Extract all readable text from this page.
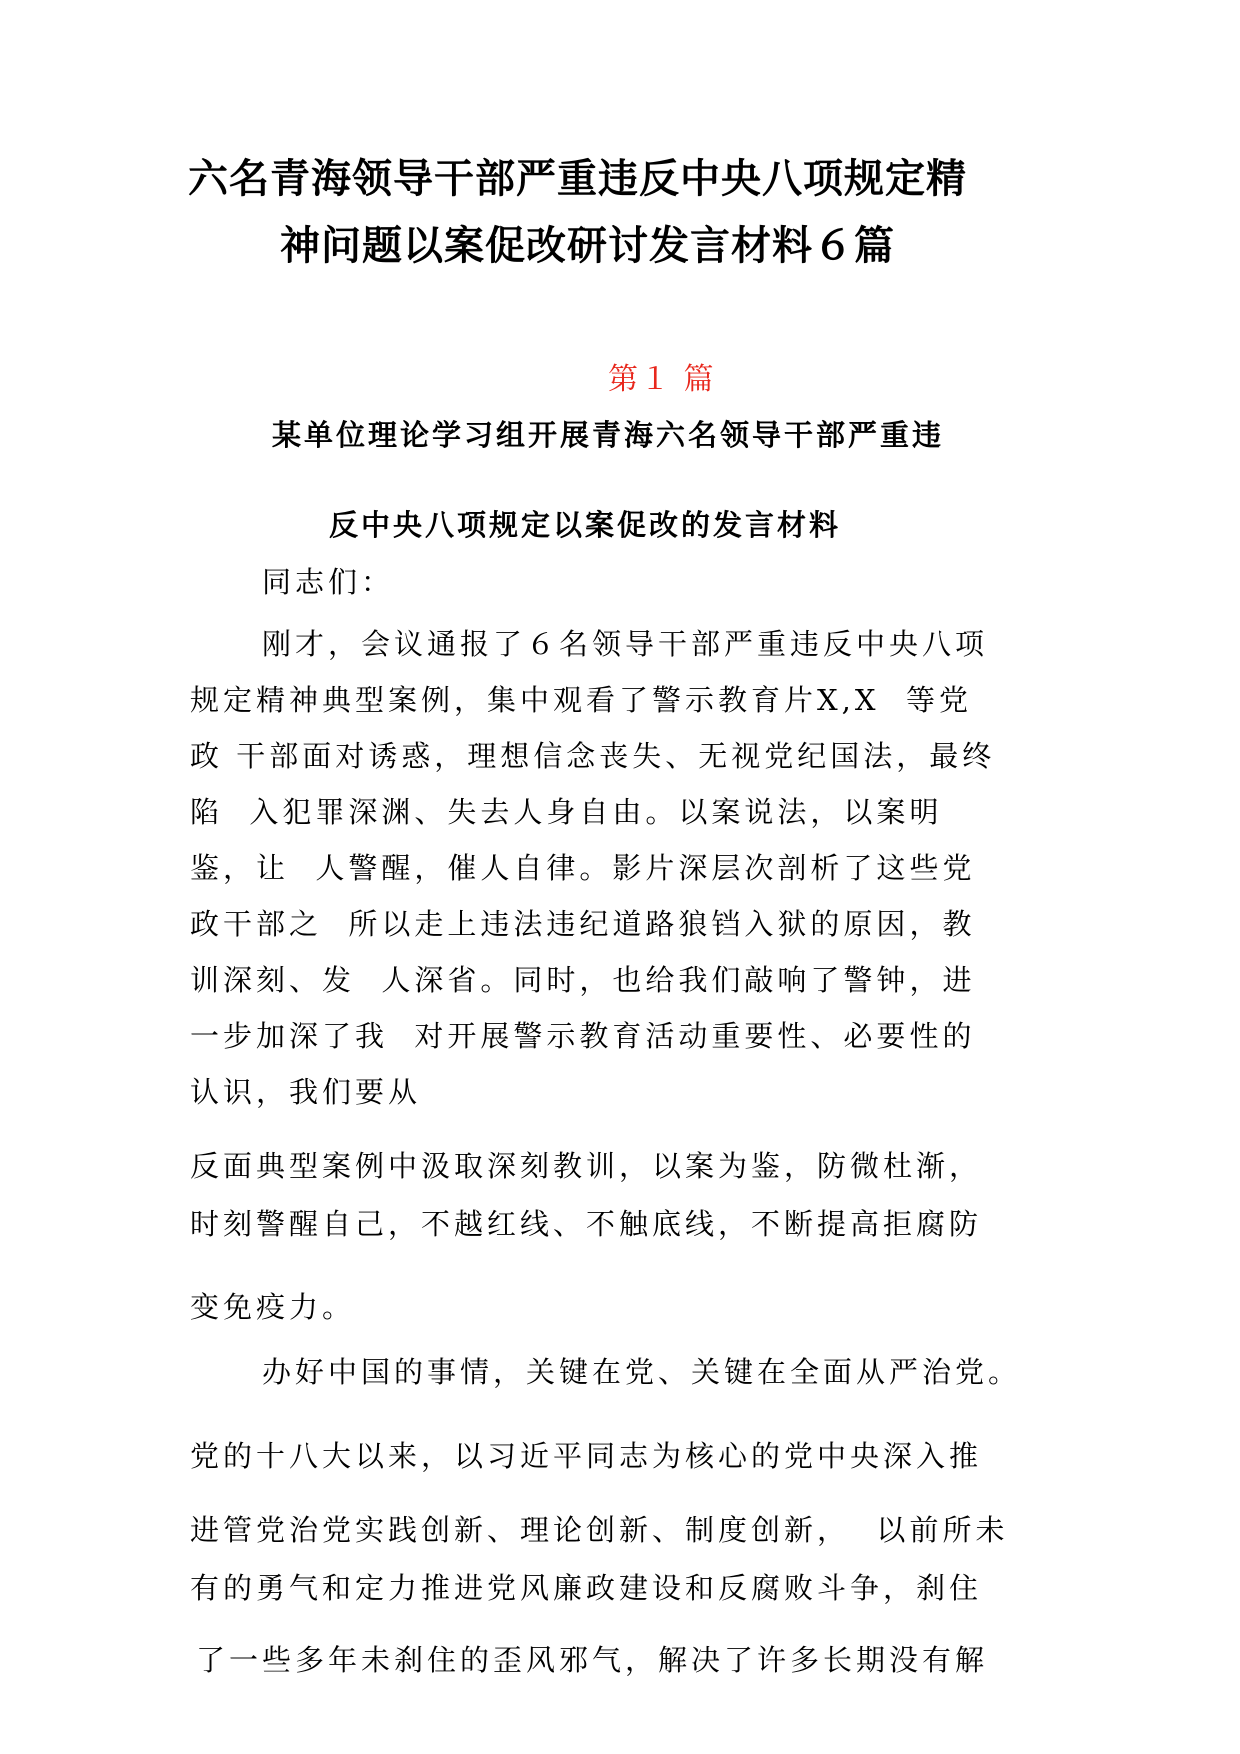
六名青海领导干部严重违反中央八项规定精
神问题以案促改研讨发言材料６篇
第１ 篇
某单位理论学习组开展青海六名领导干部严重违
反中央八项规定以案促改的发言材料
同志们：
刚才，会议通报了６名领导干部严重违反中央八项
规定精神典型案例，集中观看了警示教育片X,X  等党
政 干部面对诱惑，理想信念丧失、无视党纪国法，最终
陷  入犯罪深渊、失去人身自由。以案说法，以案明
鉴，让  人警醒，催人自律。影片深层次剖析了这些党
政干部之  所以走上违法违纪道路狼铛入狱的原因，教
训深刻、发  人深省。同时，也给我们敲响了警钟，进
一步加深了我  对开展警示教育活动重要性、必要性的
认识，我们要从
反面典型案例中汲取深刻教训，以案为鉴，防微杜渐，
时刻警醒自己，不越红线、不触底线，不断提高拒腐防
变免疫力。
办好中国的事情，关键在党、关键在全面从严治党。
党的十八大以来，以习近平同志为核心的党中央深入推
进管党治党实践创新、理论创新、制度创新，  以前所未
有的勇气和定力推进党风廉政建设和反腐败斗争，刹住
了一些多年未刹住的歪风邪气，解决了许多长期没有解
